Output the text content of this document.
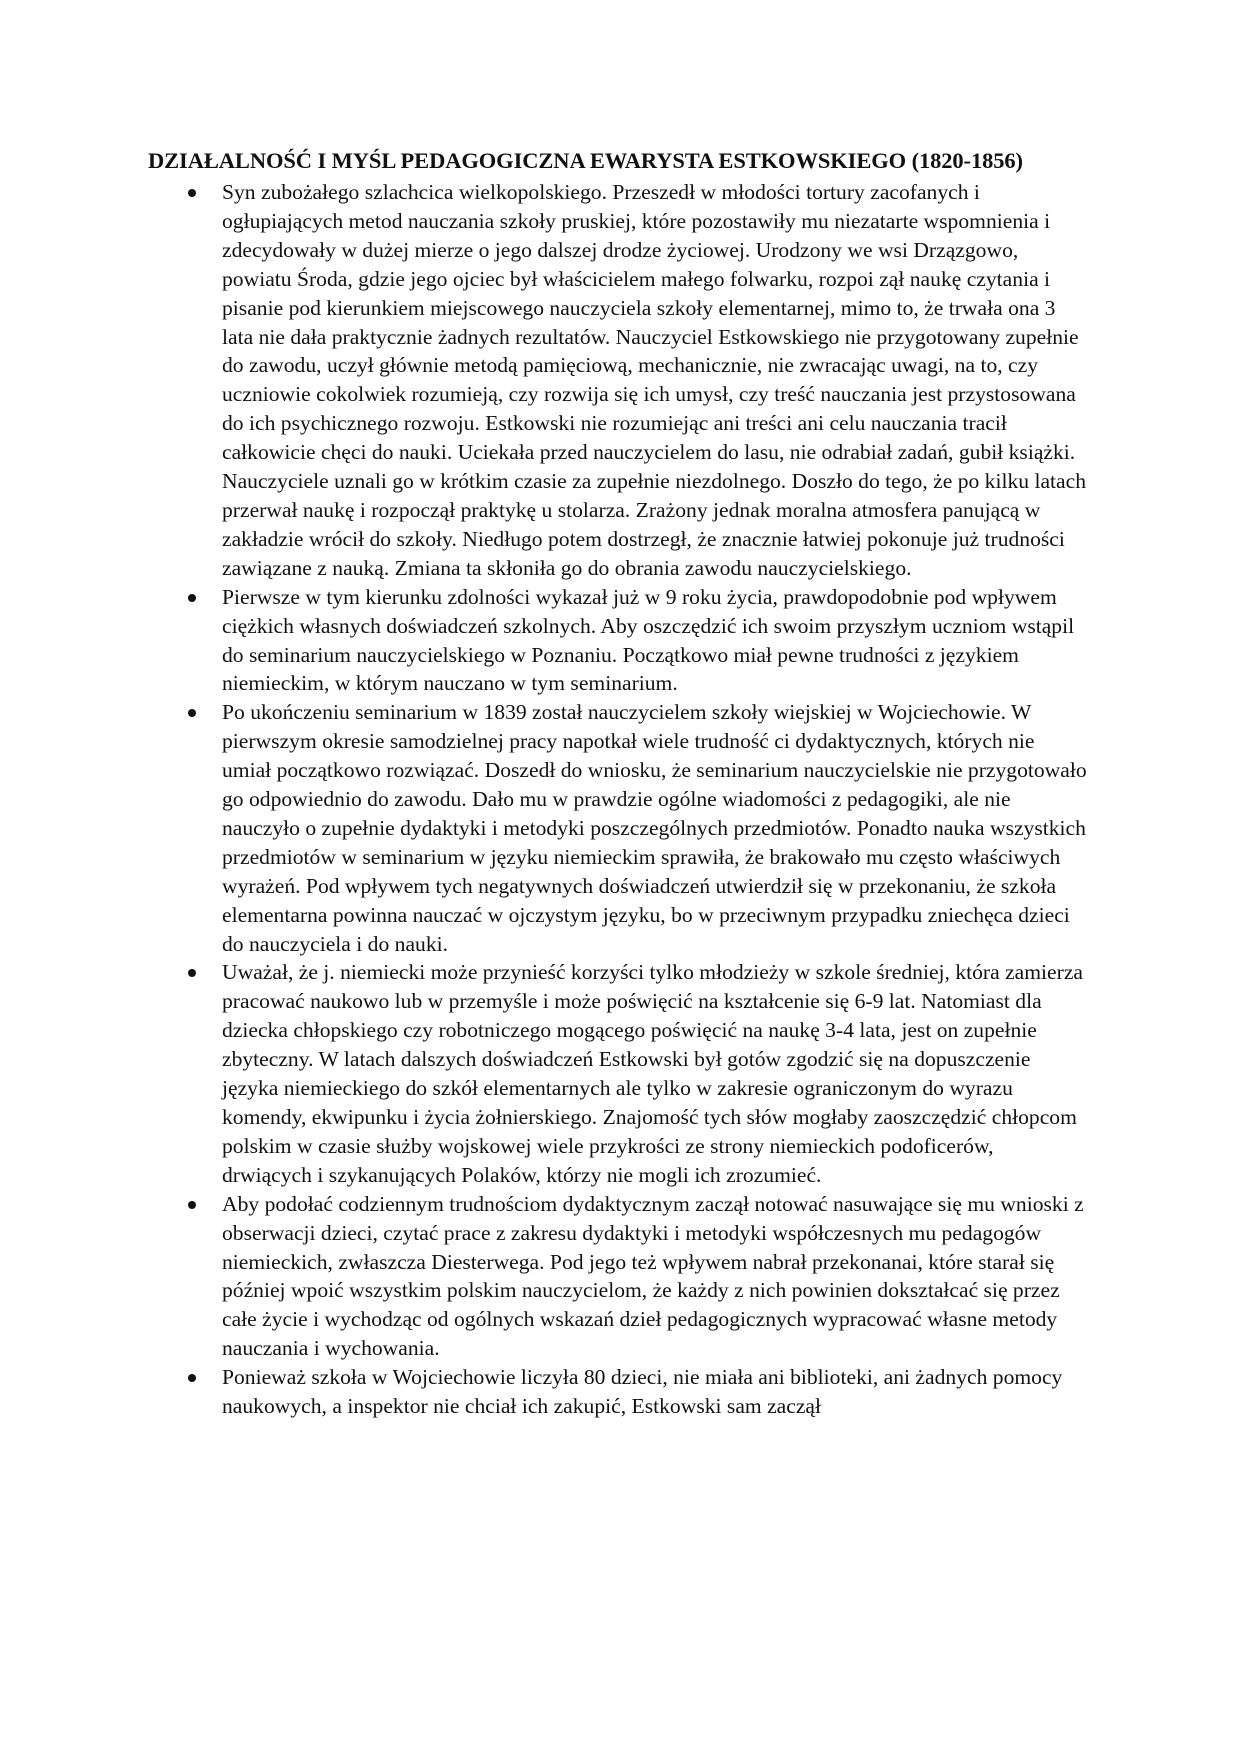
DZIAŁALNOŚĆ I MYŚL PEDAGOGICZNA EWARYSTA ESTKOWSKIEGO (1820-1856)
Syn zubożałego szlachcica wielkopolskiego. Przeszedł w młodości tortury zacofanych i ogłupiających metod nauczania szkoły pruskiej, które pozostawiły mu niezatarte wspomnienia i zdecydowały w dużej mierze o jego dalszej drodze życiowej. Urodzony we wsi Drzązgowo, powiatu Środa, gdzie jego ojciec był właścicielem małego folwarku, rozpoi zął naukę czytania i pisanie pod kierunkiem miejscowego nauczyciela szkoły elementarnej, mimo to, że trwała ona 3 lata nie dała praktycznie żadnych rezultatów. Nauczyciel Estkowskiego nie przygotowany zupełnie do zawodu, uczył głównie metodą pamięciową, mechanicznie, nie zwracając uwagi, na to, czy uczniowie cokolwiek rozumieją, czy rozwija się ich umysł, czy treść nauczania jest przystosowana do ich psychicznego rozwoju. Estkowski nie rozumiejąc ani treści ani celu nauczania tracił całkowicie chęci do nauki. Uciekała przed nauczycielem do lasu, nie odrabiał zadań, gubił książki. Nauczyciele uznali go w krótkim czasie za zupełnie niezdolnego. Doszło do tego, że po kilku latach przerwał naukę i rozpoczął praktykę u stolarza. Zrażony jednak moralna atmosfera panującą w zakładzie wrócił do szkoły. Niedługo potem dostrzegł, że znacznie łatwiej pokonuje już trudności zawiązane z nauką. Zmiana ta skłoniła go do obrania zawodu nauczycielskiego.
Pierwsze w tym kierunku zdolności wykazał już w 9 roku życia, prawdopodobnie pod wpływem ciężkich własnych doświadczeń szkolnych. Aby oszczędzić ich swoim przyszłym uczniom wstąpil do seminarium nauczycielskiego w Poznaniu. Początkowo miał pewne trudności z językiem niemieckim, w którym nauczano w tym seminarium.
Po ukończeniu seminarium w 1839 został nauczycielem szkoły wiejskiej w Wojciechowie. W pierwszym okresie samodzielnej pracy napotkał wiele trudność ci dydaktycznych, których nie umiał początkowo rozwiązać. Doszedł do wniosku, że seminarium nauczycielskie nie przygotowało go odpowiednio do zawodu. Dało mu w prawdzie ogólne wiadomości z pedagogiki, ale nie nauczyło o zupełnie dydaktyki i metodyki poszczególnych przedmiotów. Ponadto nauka wszystkich przedmiotów w seminarium w języku niemieckim sprawiła, że brakowało mu często właściwych wyrażeń. Pod wpływem tych negatywnych doświadczeń utwierdził się w przekonaniu, że szkoła elementarna powinna nauczać w ojczystym języku, bo w przeciwnym przypadku zniechęca dzieci do nauczyciela i do nauki.
Uważał, że j. niemiecki może przynieść korzyści tylko młodzieży w szkole średniej, która zamierza pracować naukowo lub w przemyśle i może poświęcić na kształcenie się 6-9 lat. Natomiast dla dziecka chłopskiego czy robotniczego mogącego poświęcić na naukę 3-4 lata, jest on zupełnie zbyteczny. W latach dalszych doświadczeń Estkowski był gotów zgodzić się na dopuszczenie języka niemieckiego do szkół elementarnych ale tylko w zakresie ograniczonym do wyrazu komendy, ekwipunku i życia żołnierskiego. Znajomość tych słów mogłaby zaoszczędzić chłopcom polskim w czasie służby wojskowej wiele przykrości ze strony niemieckich podoficerów, drwiących i szykanujących Polaków, którzy nie mogli ich zrozumieć.
Aby podołać codziennym trudnościom dydaktycznym zaczął notować nasuwające się mu wnioski z obserwacji dzieci, czytać prace z zakresu dydaktyki i metodyki współczesnych mu pedagogów niemieckich, zwłaszcza Diesterwega. Pod jego też wpływem nabrał przekonanai, które starał się później wpoić wszystkim polskim nauczycielom, że każdy z nich powinien dokształcać się przez całe życie i wychodząc od ogólnych wskazań dzieł pedagogicznych wypracować własne metody nauczania i wychowania.
Ponieważ szkoła w Wojciechowie liczyła 80 dzieci, nie miała ani biblioteki, ani żadnych pomocy naukowych, a inspektor nie chciał ich zakupić, Estkowski sam zaczął
